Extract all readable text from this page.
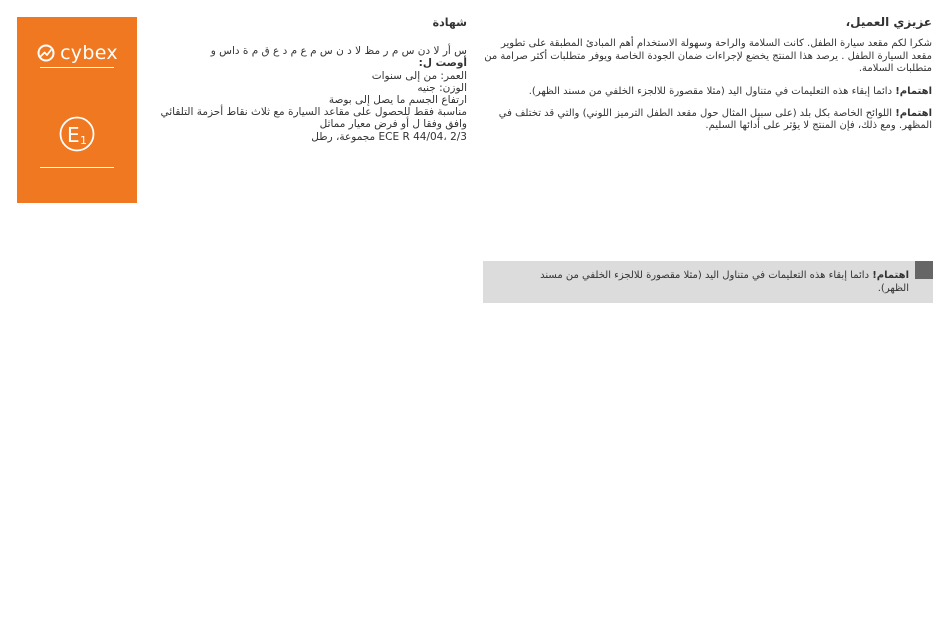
cybex
E 1
شهادة
س أر لا دن س م ر مظ لا د ن س م ع م د ع ق م ة داس و
أوصت ل:
العمر: من إلى سنوات
الوزن: جنيه
ارتفاع الجسم ما يصل إلى بوصة
مناسبة فقط للحصول على مقاعد السيارة مع ثلاث نقاط أحزمة التلقائي
وافق وفقا ل أو فرض معيار مماثل
ECE R 44/04، 2/3 مجموعة، رطل
عزيزي العميل،

شكرا لكم مقعد سيارة الطفل. كانت السلامة والراحة وسهولة الاستخدام أهم المبادئ المطبقة على تطوير مقعد السيارة الطفل . يرصد هذا المنتج يخضع لإجراءات ضمان الجودة الخاصة ويوفر متطلبات أكثر صرامة من متطلبات السلامة.

اهتمام! دائما إبقاء هذه التعليمات في متناول اليد (مثلا مقصورة للالجزء الخلفي من مسند الظهر).

اهتمام! اللوائح الخاصة بكل بلد (على سبيل المثال حول مقعد الطفل الترميز اللوني) والتي قد تختلف في المظهر. ومع ذلك، فإن المنتج لا يؤثر على أدائها السليم.

اهتمام! دائما إبقاء هذه التعليمات في متناول اليد (مثلا مقصورة للالجزء الخلفي من مسند الظهر).
